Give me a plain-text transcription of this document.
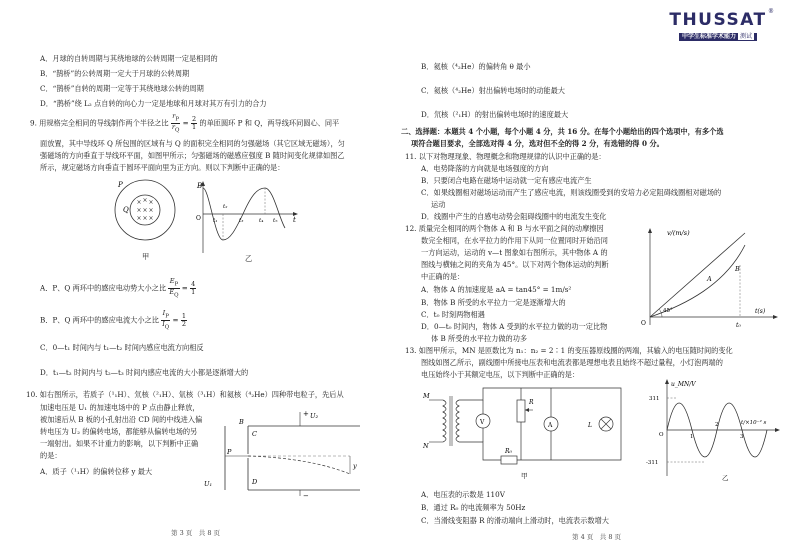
THUSSAT ®
中学生标准学术能力 测试
A．月球的自转周期与其绕地球的公转周期一定是相同的
B．“鹊桥”的公转周期一定大于月球的公转周期
C．“鹊桥”自转的周期一定等于其绕地球公转的周期
D．“鹊桥”绕 L₂ 点自转的向心力一定是地球和月球对其万有引力的合力
9. 用规格完全相同的导线制作两个半径之比 $\frac{r_P}{r_Q} = \frac{2}{1}$ 的单匝圆环 P 和 Q，两导线环同圆心、同平
面放置，其中导线环 Q 所包围的区域有与 Q 的面积完全相同的匀强磁场（其它区域无磁场），匀
强磁场的方向垂直于导线环平面，如图甲所示；匀强磁场的磁感应强度 B 随时间变化规律如图乙
所示，规定磁场方向垂直于圆环平面向里为正方向。则以下判断中正确的是：
× × ×
× × ×
× × ×
P
Q
甲
B
O	t
t₁
t₂
t₃	t₄ t₅
乙
A．P、Q 两环中的感应电动势大小之比 $\frac{E_P}{E_Q} = \frac{4}{1}$
B．P、Q 两环中的感应电流大小之比 $\frac{I_P}{I_Q} = \frac{1}{2}$
C．0—t₁ 时间内与 t₁—t₂ 时间内感应电流方向相反
D．t₁—t₂ 时间内与 t₂—t₃ 时间内感应电流的大小都是逐渐增大的
10. 如右图所示，若质子（¹₁H）、氘核（²₁H）、氚核（³₁H）和氦核（⁴₂He）四种带电粒子，先后从
加速电压是 U₁ 的加速电场中的 P 点由静止释放，
被加速后从 B 板的小孔射出沿 CD 间的中线进入偏
转电压为 U₂ 的偏转电场，都能够从偏转电场的另
一端射出。如果不计重力的影响，以下判断中正确
的是：
A．质子（¹₁H）的偏转位移 y 最大
+ U₂
−
B
C
D
P
U₁
y
第 3 页　共 8 页
B．氦核（⁴₂He）的偏转角 θ 最小
C．氦核（⁴₂He）射出偏转电场时的动能最大
D．氘核（²₁H）的射出偏转电场时的速度最大
二、选择题：本题共 4 个小题，每个小题 4 分，共 16 分。在每个小题给出的四个选项中，有多个选
项符合题目要求，全部选对得 4 分，选对但不全的得 2 分，有选错的得 0 分。
11. 以下对物理现象、物理概念和物理规律的认识中正确的是：
A．电势降落的方向就是电场强度的方向
B．只要闭合电路在磁场中运动就一定有感应电流产生
C．如果线圈相对磁场运动而产生了感应电流，则该线圈受到的安培力必定阻碍线圈相对磁场的
运动
D．线圈中产生的自感电动势会阻碍线圈中的电流发生变化
12. 质量完全相同的两个物体 A 和 B 与水平面之间的动摩擦因
数完全相同，在水平拉力的作用下从同一位置同时开始沿同
一方向运动，运动的 v—t 图象如右图所示，其中物体 A 的
图线与横轴之间的夹角为 45°。以下对两个物体运动的判断
中正确的是：
A．物体 A 的加速度是 aA = tan45° = 1m/s²
B．物体 B 所受的水平拉力一定是逐渐增大的
C．t₀ 时刻两物相遇
D．0—t₀ 时间内，物体 A 受到的水平拉力做的功一定比物
体 B 所受的水平拉力做的功多
v/(m/s)
A
B
45°
O
t(s)
t₀
13. 如图甲所示，MN 是匝数比为 n₁：n₂ = 2∶1 的变压器原线圈的两端，其输入的电压随时间的变化
图线如图乙所示，副线圈中所接电压表和电流表都是理想电表且始终不超过量程，小灯泡两端的
电压始终小于其额定电压，以下判断中正确的是：
M
N
V	A
R
R₀
L
甲
u_MN/V
311
-311
O
t/×10⁻² s
1
2
3
乙
A．电压表的示数是 110V
B．通过 R₀ 的电流频率为 50Hz
C．当滑线变阻器 R 的滑动端向上滑动时，电流表示数增大
第 4 页　共 8 页
